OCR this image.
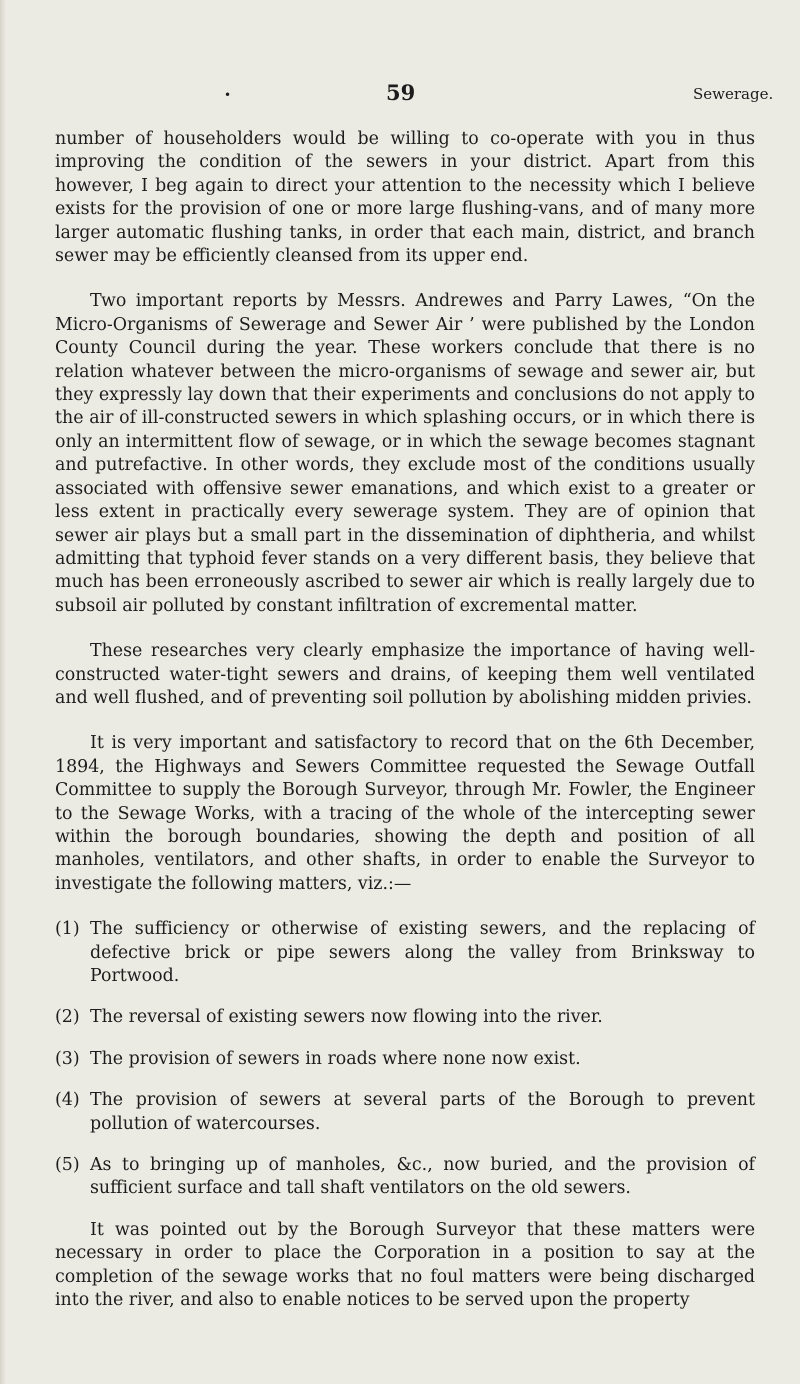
•	59	Sewerage.

number of householders would be willing to co-operate with you in thus improving the condition of the sewers in your district. Apart from this however, I beg again to direct your attention to the necessity which I believe exists for the provision of one or more large flushing-vans, and of many more larger automatic flushing tanks, in order that each main, district, and branch sewer may be efficiently cleansed from its upper end.

Two important reports by Messrs. Andrewes and Parry Lawes, “On the Micro-Organisms of Sewerage and Sewer Air ’ were published by the London County Council during the year. These workers conclude that there is no relation whatever between the micro-organisms of sewage and sewer air, but they expressly lay down that their experiments and conclusions do not apply to the air of ill-constructed sewers in which splashing occurs, or in which there is only an intermittent flow of sewage, or in which the sewage becomes stagnant and putrefactive. In other words, they exclude most of the conditions usually associated with offensive sewer emanations, and which exist to a greater or less extent in practically every sewerage system. They are of opinion that sewer air plays but a small part in the dissemination of diphtheria, and whilst admitting that typhoid fever stands on a very different basis, they believe that much has been erroneously ascribed to sewer air which is really largely due to subsoil air polluted by constant infiltration of excremental matter.

These researches very clearly emphasize the importance of having well-constructed water-tight sewers and drains, of keeping them well ventilated and well flushed, and of preventing soil pollution by abolishing midden privies.

It is very important and satisfactory to record that on the 6th December, 1894, the Highways and Sewers Committee requested the Sewage Outfall Committee to supply the Borough Surveyor, through Mr. Fowler, the Engineer to the Sewage Works, with a tracing of the whole of the intercepting sewer within the borough boundaries, showing the depth and position of all manholes, ventilators, and other shafts, in order to enable the Surveyor to investigate the following matters, viz.:—

(1) The sufficiency or otherwise of existing sewers, and the replacing of defective brick or pipe sewers along the valley from Brinksway to Portwood.
(2) The reversal of existing sewers now flowing into the river.
(3) The provision of sewers in roads where none now exist.
(4) The provision of sewers at several parts of the Borough to prevent pollution of watercourses.
(5) As to bringing up of manholes, &c., now buried, and the provision of sufficient surface and tall shaft ventilators on the old sewers.

It was pointed out by the Borough Surveyor that these matters were necessary in order to place the Corporation in a position to say at the completion of the sewage works that no foul matters were being discharged into the river, and also to enable notices to be served upon the property
